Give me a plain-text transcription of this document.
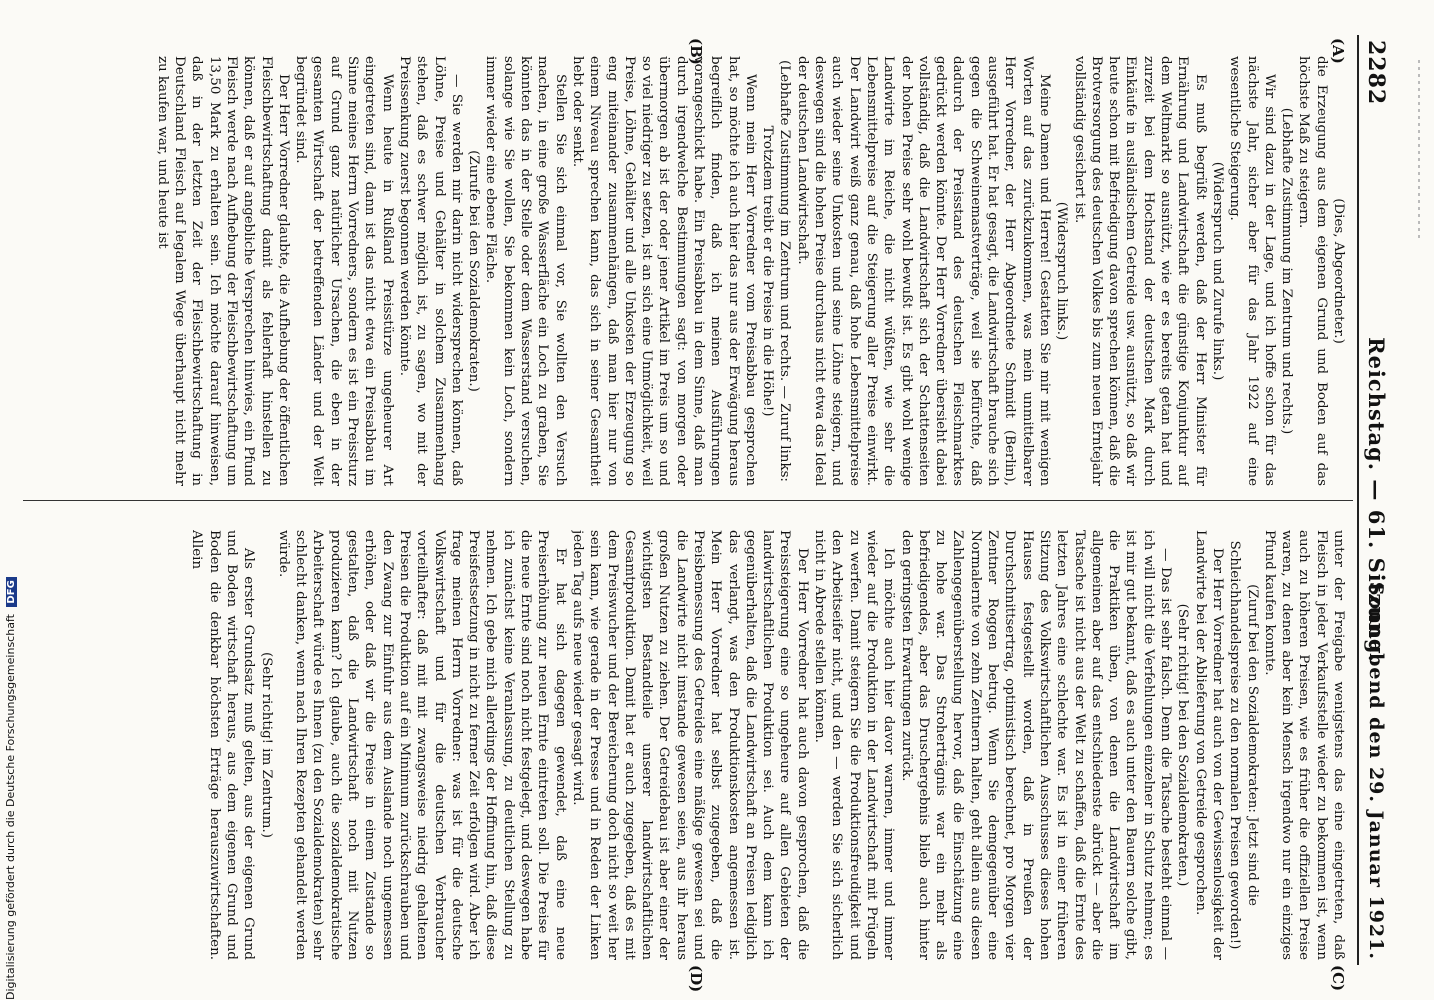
2282
Reichstag. — 61. Sitzung.
Sonnabend den 29. Januar 1921.
(A)
(B)
(C)
(D)

(Dies, Abgeordneter.)

die Erzeugung aus dem eigenen Grund und Boden auf das höchste Maß zu steigern.

(Lebhafte Zustimmung im Zentrum und rechts.)

Wir sind dazu in der Lage, und ich hoffe schon für das nächste Jahr, sicher aber für das Jahr 1922 auf eine wesentliche Steigerung.

(Widerspruch und Zurufe links.)

Es muß begrüßt werden, daß der Herr Minister für Ernährung und Landwirtschaft die günstige Konjunktur auf dem Weltmarkt so ausnützt, wie er es bereits getan hat und zurzeit bei dem Hochstand der deutschen Mark durch Einkäufe in ausländischem Getreide usw. ausnützt, so daß wir heute schon mit Befriedigung davon sprechen können, daß die Brotversorgung des deutschen Volkes bis zum neuen Erntejahr vollständig gesichert ist.

(Widerspruch links.)

Meine Damen und Herren! Gestatten Sie mir mit wenigen Worten auf das zurückzukommen, was mein unmittelbarer Herr Vorredner, der Herr Abgeordnete Schmidt (Berlin), ausgeführt hat. Er hat gesagt, die Landwirtschaft brauche sich gegen die Schweinemastverträge, weil sie befürchte, daß dadurch der Preisstand des deutschen Fleischmarktes gedrückt werden könnte. Der Herr Vorredner übersieht dabei vollständig, daß die Landwirtschaft sich der Schattenseiten der hohen Preise sehr wohl bewußt ist. Es gibt wohl wenige Landwirte im Reiche, die nicht wüßten, wie sehr die Lebensmittelpreise auf die Steigerung aller Preise einwirkt. Der Landwirt weiß ganz genau, daß hohe Lebensmittelpreise auch wieder seine Unkosten und seine Löhne steigern, und deswegen sind die hohen Preise durchaus nicht etwa das Ideal der deutschen Landwirtschaft.

(Lebhafte Zustimmung im Zentrum und rechts. — Zuruf links: Trotzdem treibt er die Preise in die Höhe!)

Wenn mein Herr Vorredner vom Preisabbau gesprochen hat, so möchte ich auch hier das nur aus der Erwägung heraus begreiflich finden, daß ich meinen Ausführungen vorangeschickt habe. Ein Preisabbau in dem Sinne, daß man durch irgendwelche Bestimmungen sagt: von morgen oder übermorgen ab ist der oder jener Artikel im Preis um so und so viel niedriger zu setzen, ist an sich eine Unmöglichkeit, weil Preise, Löhne, Gehälter und alle Unkosten der Erzeugung so eng miteinander zusammenhängen, daß man hier nur von einem Niveau sprechen kann, das sich in seiner Gesamtheit hebt oder senkt.

Stellen Sie sich einmal vor, Sie wollten den Versuch machen, in eine große Wasserfläche ein Loch zu graben, Sie könnten das in der Stelle oder dem Wasserstand versuchen, solange wie Sie wollen, Sie bekommen kein Loch, sondern immer wieder eine ebene Fläche.

(Zurufe bei den Sozialdemokraten.)

— Sie werden mir darin nicht widersprechen können, daß Löhne, Preise und Gehälter in solchem Zusammenhang stehen, daß es schwer möglich ist, zu sagen, wo mit der Preissenkung zuerst begonnen werden könnte.

Wenn heute in Rußland Preisstürze ungeheurer Art eingetreten sind, dann ist das nicht etwa ein Preisabbau im Sinne meines Herrn Vorredners, sondern es ist ein Preissturz auf Grund ganz natürlicher Ursachen, die eben in der gesamten Wirtschaft der betreffenden Länder und der Welt begründet sind.

Der Herr Vorredner glaubte, die Aufhebung der öffentlichen Fleischbewirtschaftung damit als fehlerhaft hinstellen zu können, daß er auf angebliche Versprechen hinwies, ein Pfund Fleisch werde nach Aufhebung der Fleischbewirtschaftung um 13,50 Mark zu erhalten sein. Ich möchte darauf hinweisen, daß in der letzten Zeit der Fleischbewirtschaftung in Deutschland Fleisch auf legalem Wege überhaupt nicht mehr zu kaufen war, und heute ist

unter der Freigabe wenigstens das eine eingetreten, daß Fleisch in jeder Verkaufsstelle wieder zu bekommen ist, wenn auch zu höheren Preisen, wie es früher die offiziellen Preise waren, zu denen aber kein Mensch irgendwo nur ein einziges Pfund kaufen konnte.

(Zuruf bei den Sozialdemokraten: Jetzt sind die Schleichhandelspreise zu den normalen Preisen geworden!)

Der Herr Vorredner hat auch von der Gewissenlosigkeit der Landwirte bei der Ablieferung von Getreide gesprochen.

(Sehr richtig! bei den Sozialdemokraten.)

— Das ist sehr falsch. Denn die Tatsache besteht einmal — ich will nicht die Verfehlungen einzelner in Schutz nehmen; es ist mir gut bekannt, daß es auch unter den Bauern solche gibt, die Praktiken üben, von denen die Landwirtschaft im allgemeinen aber auf das entschiedenste abrückt — aber die Tatsache ist nicht aus der Welt zu schaffen, daß die Ernte des letzten Jahres eine schlechte war. Es ist in einer früheren Sitzung des Volkswirtschaftlichen Ausschusses dieses hohen Hauses festgestellt worden, daß in Preußen der Durchschnittsertrag, optimistisch berechnet, pro Morgen vier Zentner Roggen betrug. Wenn Sie demgegenüber eine Normalernte von zehn Zentnern halten, geht allein aus diesen Zahlengegenüberstellung hervor, daß die Einschätzung eine zu hohe war. Das Stroherträgnis war ein mehr als befriedigendes, aber das Druschergebnis blieb auch hinter den geringsten Erwartungen zurück.

Ich möchte auch hier davor warnen, immer und immer wieder auf die Produktion in der Landwirtschaft mit Prügeln zu werfen. Damit steigern Sie die Produktionsfreudigkeit und den Arbeitseifer nicht, und den — werden Sie sich sicherlich nicht in Abrede stellen können.

Der Herr Vorredner hat auch davon gesprochen, daß die Preissteigerung eine so ungeheure auf allen Gebieten der landwirtschaftlichen Produktion sei. Auch dem kann ich gegenüberhalten, daß die Landwirtschaft an Preisen lediglich das verlangt, was den Produktionskosten angemessen ist. Mein Herr Vorredner hat selbst zugegeben, daß die Preisbemessung des Getreides eine mäßige gewesen sei und die Landwirte nicht imstande gewesen seien, aus ihr heraus großen Nutzen zu ziehen. Der Getreidebau ist aber einer der wichtigsten Bestandteile unserer landwirtschaftlichen Gesamtproduktion. Damit hat er auch zugegeben, daß es mit dem Preiswucher und der Bereicherung doch nicht so weit her sein kann, wie gerade in der Presse und in Reden der Linken jeden Tag aufs neue wieder gesagt wird.

Er hat sich dagegen gewendet, daß eine neue Preiserhöhung zur neuen Ernte eintreten soll. Die Preise für die neue Ernte sind noch nicht festgelegt, und deswegen habe ich zunächst keine Veranlassung, zu deutlichen Stellung zu nehmen. Ich gebe mich allerdings der Hoffnung hin, daß diese Preisfestsetzung in nicht zu ferner Zeit erfolgen wird. Aber ich frage meinen Herrn Vorredner: was ist für die deutsche Volkswirtschaft und für die deutschen Verbraucher vorteilhafter: daß mit mit zwangsweise niedrig gehaltenen Preisen die Produktion auf ein Minimum zurückschrauben und den Zwang zur Einfuhr aus dem Auslande noch ungemessen erhöhen, oder daß wir die Preise in einem Zustande so gestalten, daß die Landwirtschaft noch mit Nutzen produzieren kann? Ich glaube, auch die sozialdemokratische Arbeiterschaft würde es Ihnen (zu den Sozialdemokraten) sehr schlecht danken, wenn nach Ihren Rezepten gehandelt werden würde.

(Sehr richtig! im Zentrum.)

Als erster Grundsatz muß gelten, aus der eigenen Grund und Boden wirtschaft heraus, aus dem eigenen Grund und Boden die denkbar höchsten Erträge herauszuwirtschaften. Allein

Digitalisierung gefördert durch die Deutsche Forschungsgemeinschaft DFG
